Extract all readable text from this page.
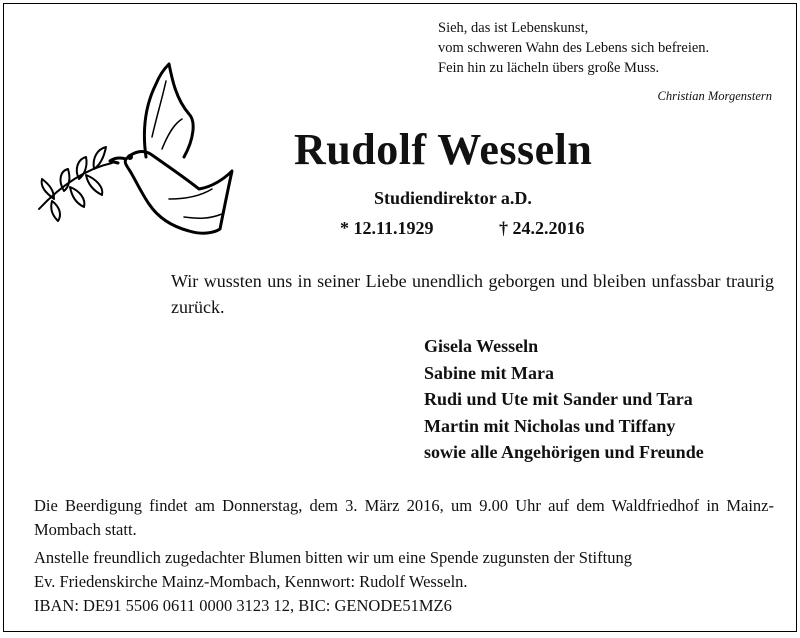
Sieh, das ist Lebenskunst,
vom schweren Wahn des Lebens sich befreien.
Fein hin zu lächeln übers große Muss.
Christian Morgenstern
Rudolf Wesseln
Studiendirektor a.D.
* 12.11.1929	† 24.2.2016
Wir wussten uns in seiner Liebe unendlich geborgen und bleiben unfassbar traurig zurück.
Gisela Wesseln
Sabine mit Mara
Rudi und Ute mit Sander und Tara
Martin mit Nicholas und Tiffany
sowie alle Angehörigen und Freunde
Die Beerdigung findet am Donnerstag, dem 3. März 2016, um 9.00 Uhr auf dem Waldfriedhof in Mainz-Mombach statt.
Anstelle freundlich zugedachter Blumen bitten wir um eine Spende zugunsten der Stiftung
Ev. Friedenskirche Mainz-Mombach, Kennwort: Rudolf Wesseln.
IBAN: DE91 5506 0611 0000 3123 12, BIC: GENODE51MZ6
